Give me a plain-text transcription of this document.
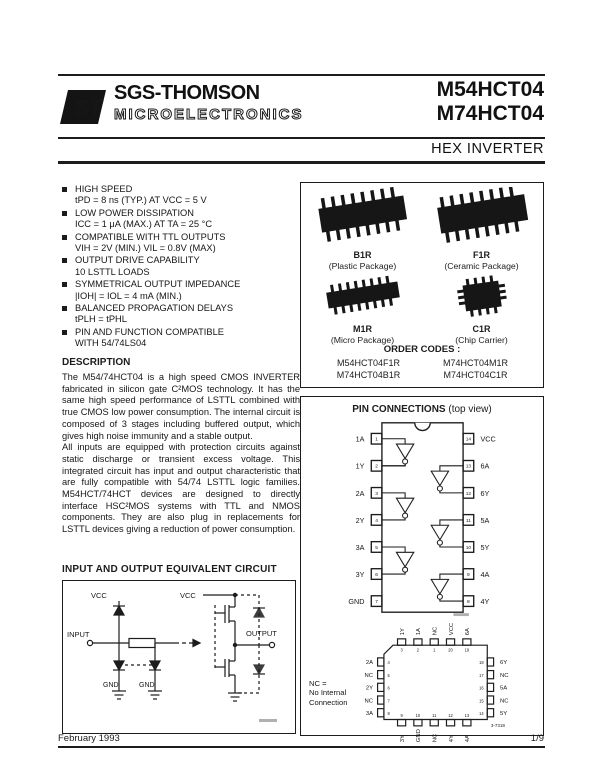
ST
SGS-THOMSON
MICROELECTRONICS
M54HCT04
M74HCT04
HEX INVERTER
HIGH SPEED
tPD = 8 ns (TYP.) AT VCC = 5 V
LOW POWER DISSIPATION
ICC = 1 μA (MAX.) AT TA = 25 °C
COMPATIBLE WITH TTL OUTPUTS
VIH = 2V (MIN.) VIL = 0.8V (MAX)
OUTPUT DRIVE CAPABILITY
10 LSTTL LOADS
SYMMETRICAL OUTPUT IMPEDANCE
|IOH| = IOL = 4 mA (MIN.)
BALANCED PROPAGATION DELAYS
tPLH = tPHL
PIN AND FUNCTION COMPATIBLE
WITH 54/74LS04
DESCRIPTION

The M54/74HCT04 is a high speed CMOS INVERTER fabricated in silicon gate C²MOS technology. It has the same high speed performance of LSTTL combined with true CMOS low power consumption. The internal circuit is composed of 3 stages including buffered output, which gives high noise immunity and a stable output.

All inputs are equipped with protection circuits against static discharge or transient excess voltage. This integrated circuit has input and output characteristic that are fully compatible with 54/74 LSTTL logic families. M54HCT/74HCT devices are designed to directly interface HSC²MOS systems with TTL and NMOS components. They are also plug in replacements for LSTTL devices giving a reduction of power consumption.

INPUT AND OUTPUT EQUIVALENT CIRCUIT
VCC	VCC
INPUT	OUTPUT
GND	GND
B1R
(Plastic Package)
F1R
(Ceramic Package)
M1R
(Micro Package)
C1R
(Chip Carrier)
ORDER CODES :
M54HCT04F1R	M74HCT04M1R
M74HCT04B1R	M74HCT04C1R
PIN CONNECTIONS (top view)
1A
1Y
2A
2Y
3A
3Y
GND
VCC
6A
6Y
5A
5Y
4A
4Y
1
2
3
4
5
6
7
14
13
12
11
10
9
8
2A
NC
2Y
NC
3A
6Y
NC
5A
NC
5Y
1Y 1A NC VCC 6A
3Y GND NC 4Y 4A
4
5
6
7
8
18
17
16
15
14
3	2	1	20	19
9	10	11	12	13
3-7318
NC =
No Internal
Connection
February 1993	1/9
